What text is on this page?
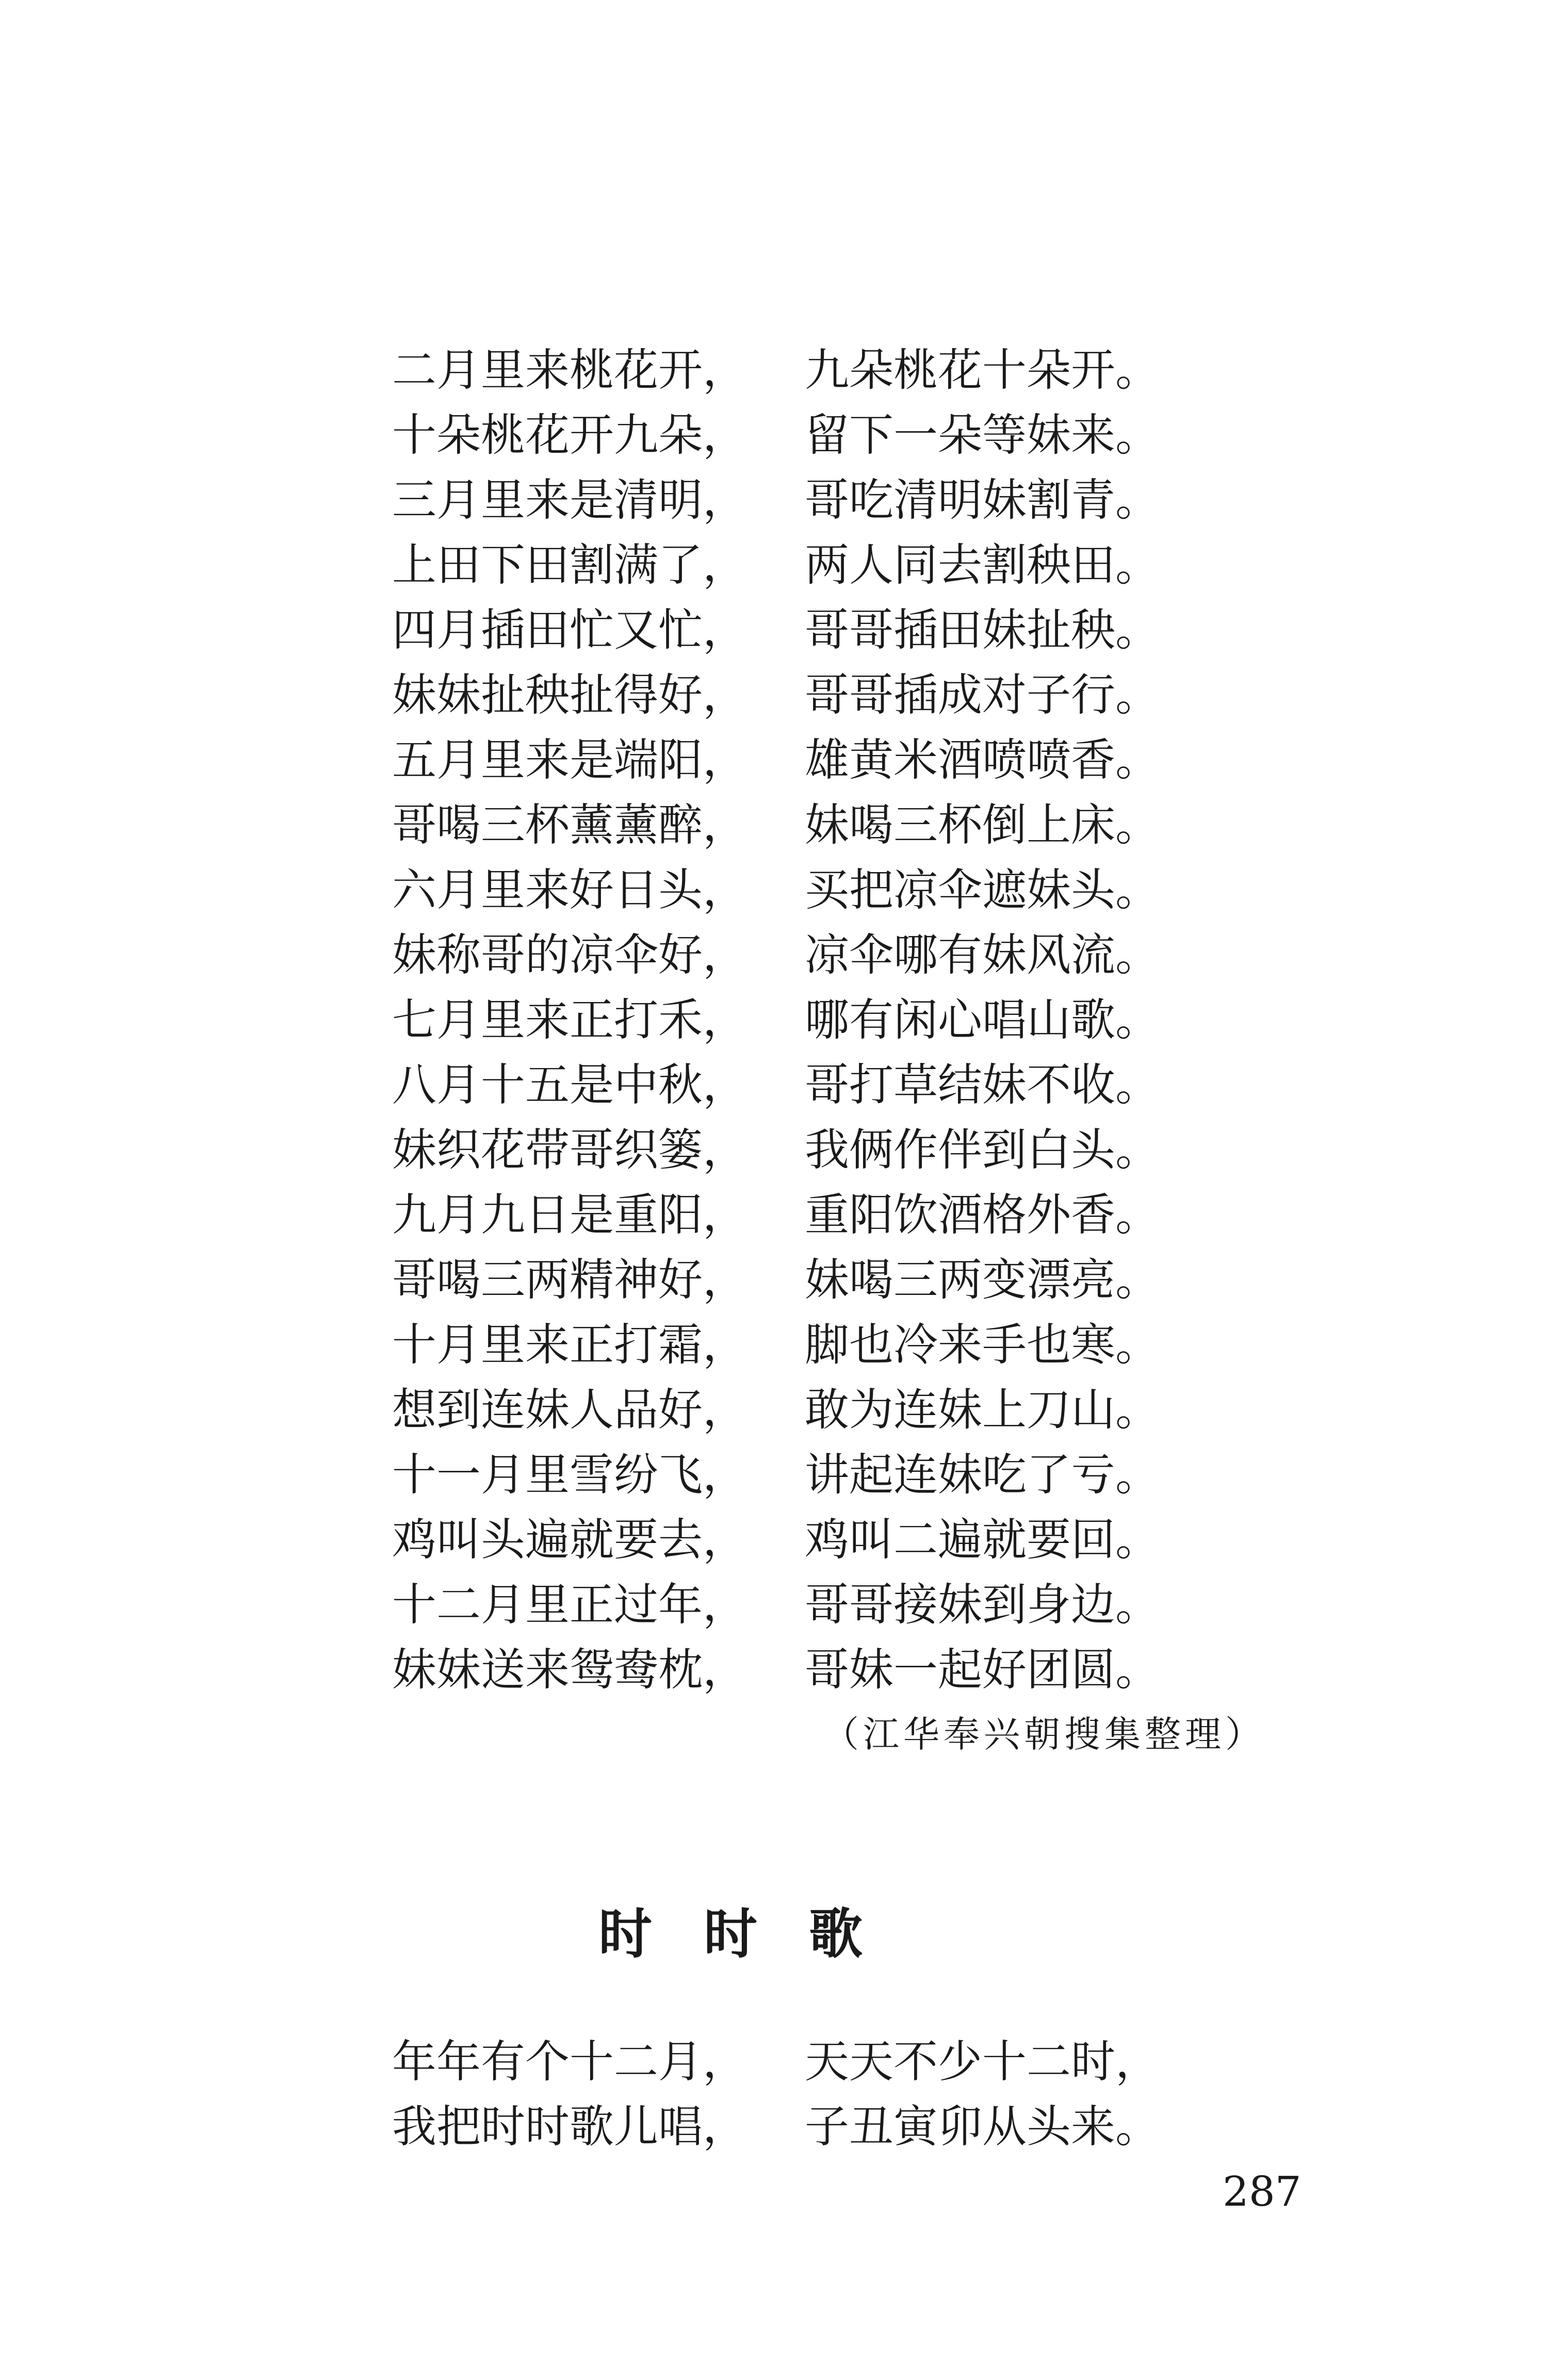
二月里来桃花开， 九朵桃花十朵开。
十朵桃花开九朵， 留下一朵等妹来。
三月里来是清明， 哥吃清明妹割青。
上田下田割满了， 两人同去割秧田。
四月插田忙又忙， 哥哥插田妹扯秧。
妹妹扯秧扯得好， 哥哥插成对子行。
五月里来是端阳， 雄黄米酒喷喷香。
哥喝三杯薰薰醉， 妹喝三杯倒上床。
六月里来好日头， 买把凉伞遮妹头。
妹称哥的凉伞好， 凉伞哪有妹风流。
七月里来正打禾， 哪有闲心唱山歌。
八月十五是中秋， 哥打草结妹不收。
妹织花带哥织篓， 我俩作伴到白头。
九月九日是重阳， 重阳饮酒格外香。
哥喝三两精神好， 妹喝三两变漂亮。
十月里来正打霜， 脚也冷来手也寒。
想到连妹人品好， 敢为连妹上刀山。
十一月里雪纷飞， 讲起连妹吃了亏。
鸡叫头遍就要去， 鸡叫二遍就要回。
十二月里正过年， 哥哥接妹到身边。
妹妹送来鸳鸯枕， 哥妹一起好团圆。
（江华奉兴朝搜集整理）
时时歌
年年有个十二月， 天天不少十二时，
我把时时歌儿唱， 子丑寅卯从头来。
287
